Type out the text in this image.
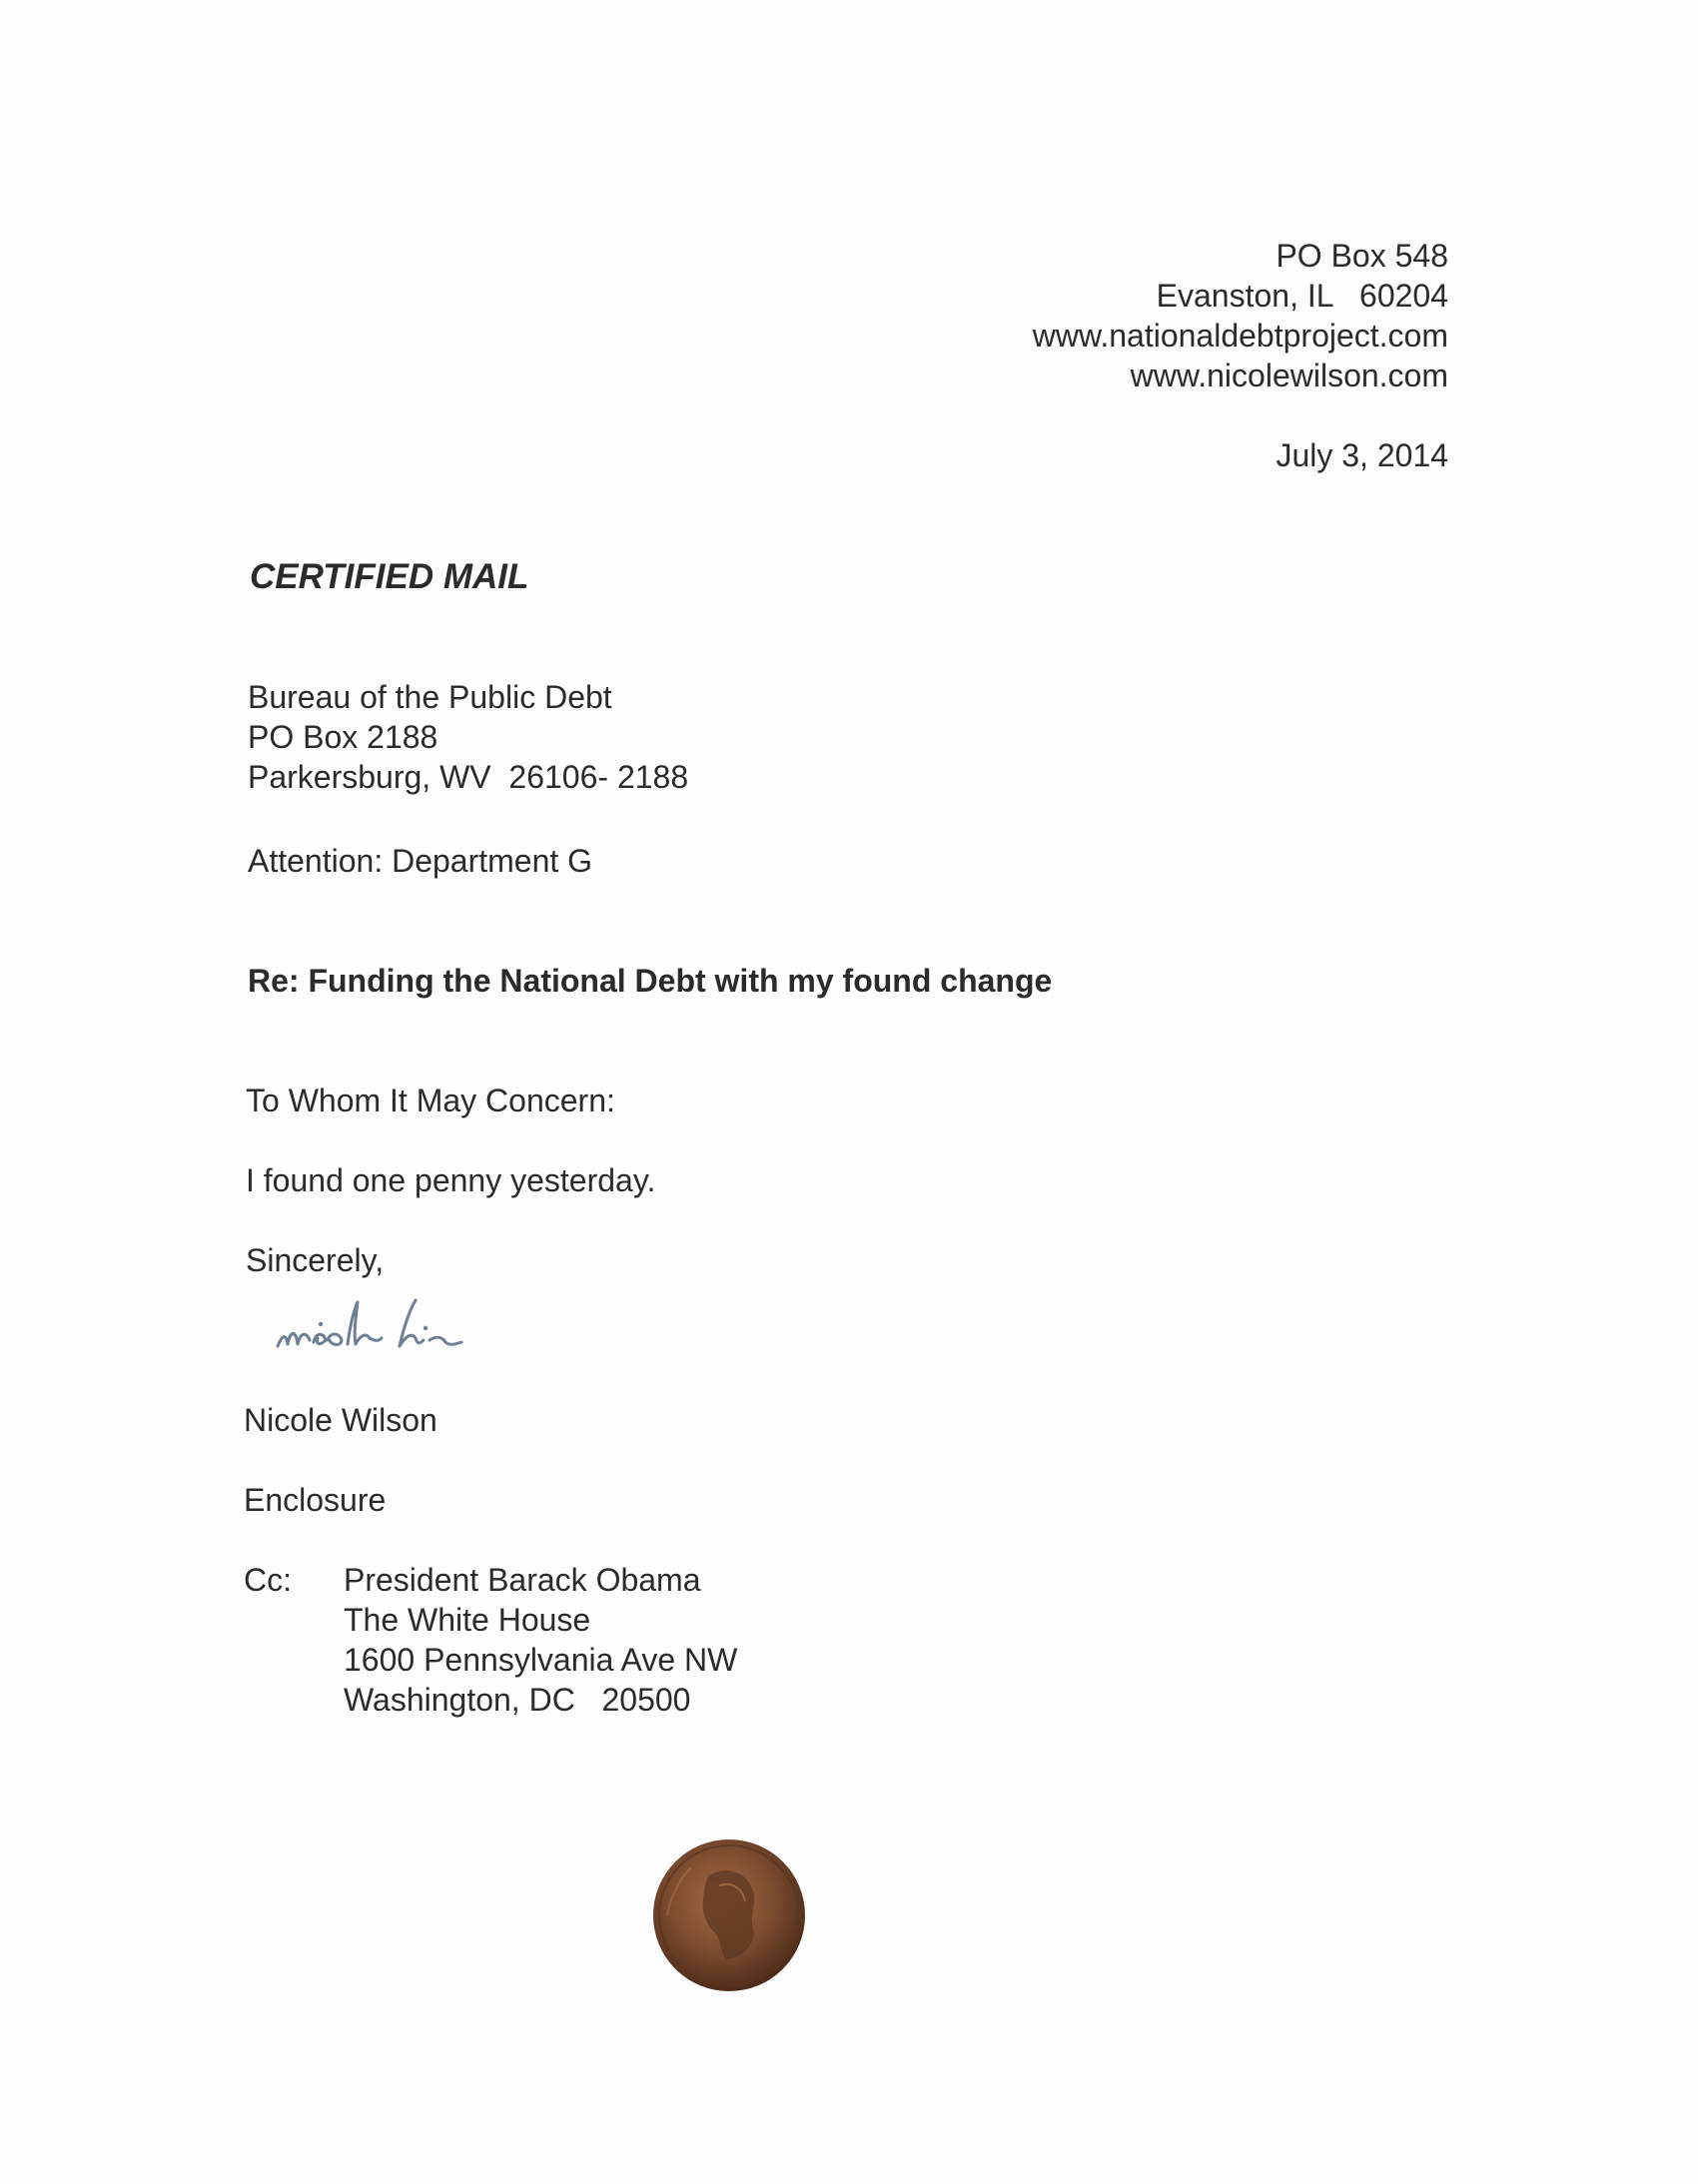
PO Box 548
Evanston, IL   60204
www.nationaldebtproject.com
www.nicolewilson.com
July 3, 2014
CERTIFIED MAIL
Bureau of the Public Debt
PO Box 2188
Parkersburg, WV  26106- 2188
Attention: Department G
Re: Funding the National Debt with my found change
To Whom It May Concern:
I found one penny yesterday.
Sincerely,
Nicole Wilson
Enclosure
Cc: President Barack Obama
The White House
1600 Pennsylvania Ave NW
Washington, DC   20500
